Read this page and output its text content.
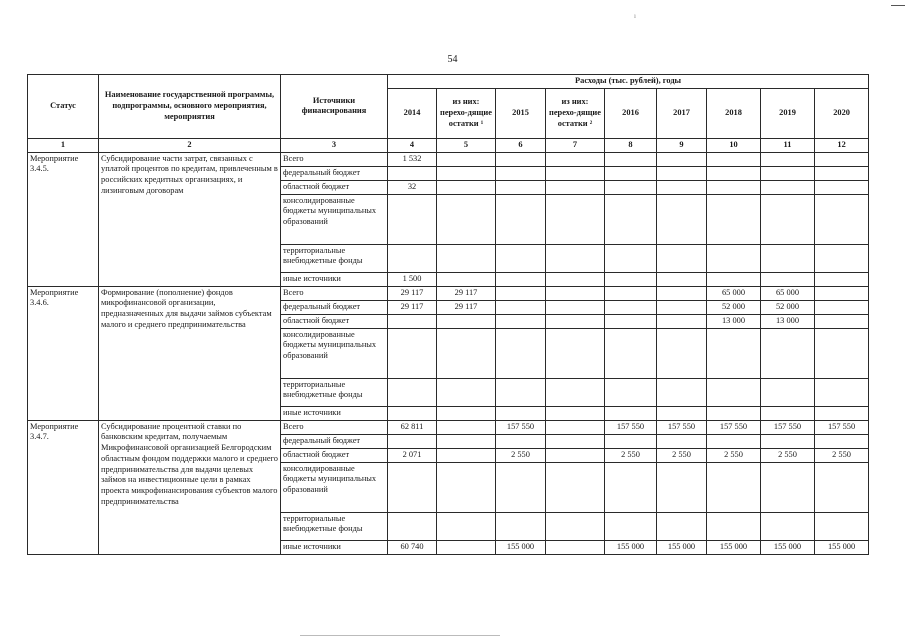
ı
54
Статус	Наименование государственной программы, подпрограммы, основного мероприятия, мероприятия	Источники финансирования	Расходы (тыс. рублей), годы								
			2014	из них: перехо-дящие остатки ¹	2015	из них: перехо-дящие остатки ²	2016	2017	2018	2019	2020
1	2	3	4	5	6	7	8	9	10	11	12
Мероприятие 3.4.5.	Субсидирование части затрат, связанных с уплатой процентов по кредитам, привлеченным в российских кредитных организациях, и лизинговым договорам	Всего	1 532								
		федеральный бюджет									
		областной бюджет	32								
		консолидированные бюджеты муниципальных образований									
		территориальные внебюджетные фонды									
		иные источники	1 500								
Мероприятие 3.4.6.	Формирование (пополнение) фондов микрофинансовой организации, предназначенных для выдачи займов субъектам малого и среднего предпринимательства	Всего	29 117	29 117					65 000	65 000	
		федеральный бюджет	29 117	29 117					52 000	52 000	
		областной бюджет							13 000	13 000	
		консолидированные бюджеты муниципальных образований									
		территориальные внебюджетные фонды									
		иные источники									
Мероприятие 3.4.7.	Субсидирование процентной ставки по банковским кредитам, получаемым Микрофинансовой организацией Белгородским областным фондом поддержки малого и среднего предпринимательства для выдачи целевых займов на инвестиционные цели в рамках проекта микрофинансирования субъектов малого предпринимательства	Всего	62 811		157 550		157 550	157 550	157 550	157 550	157 550
		федеральный бюджет									
		областной бюджет	2 071		2 550		2 550	2 550	2 550	2 550	2 550
		консолидированные бюджеты муниципальных образований									
		территориальные внебюджетные фонды									
		иные источники	60 740		155 000		155 000	155 000	155 000	155 000	155 000
